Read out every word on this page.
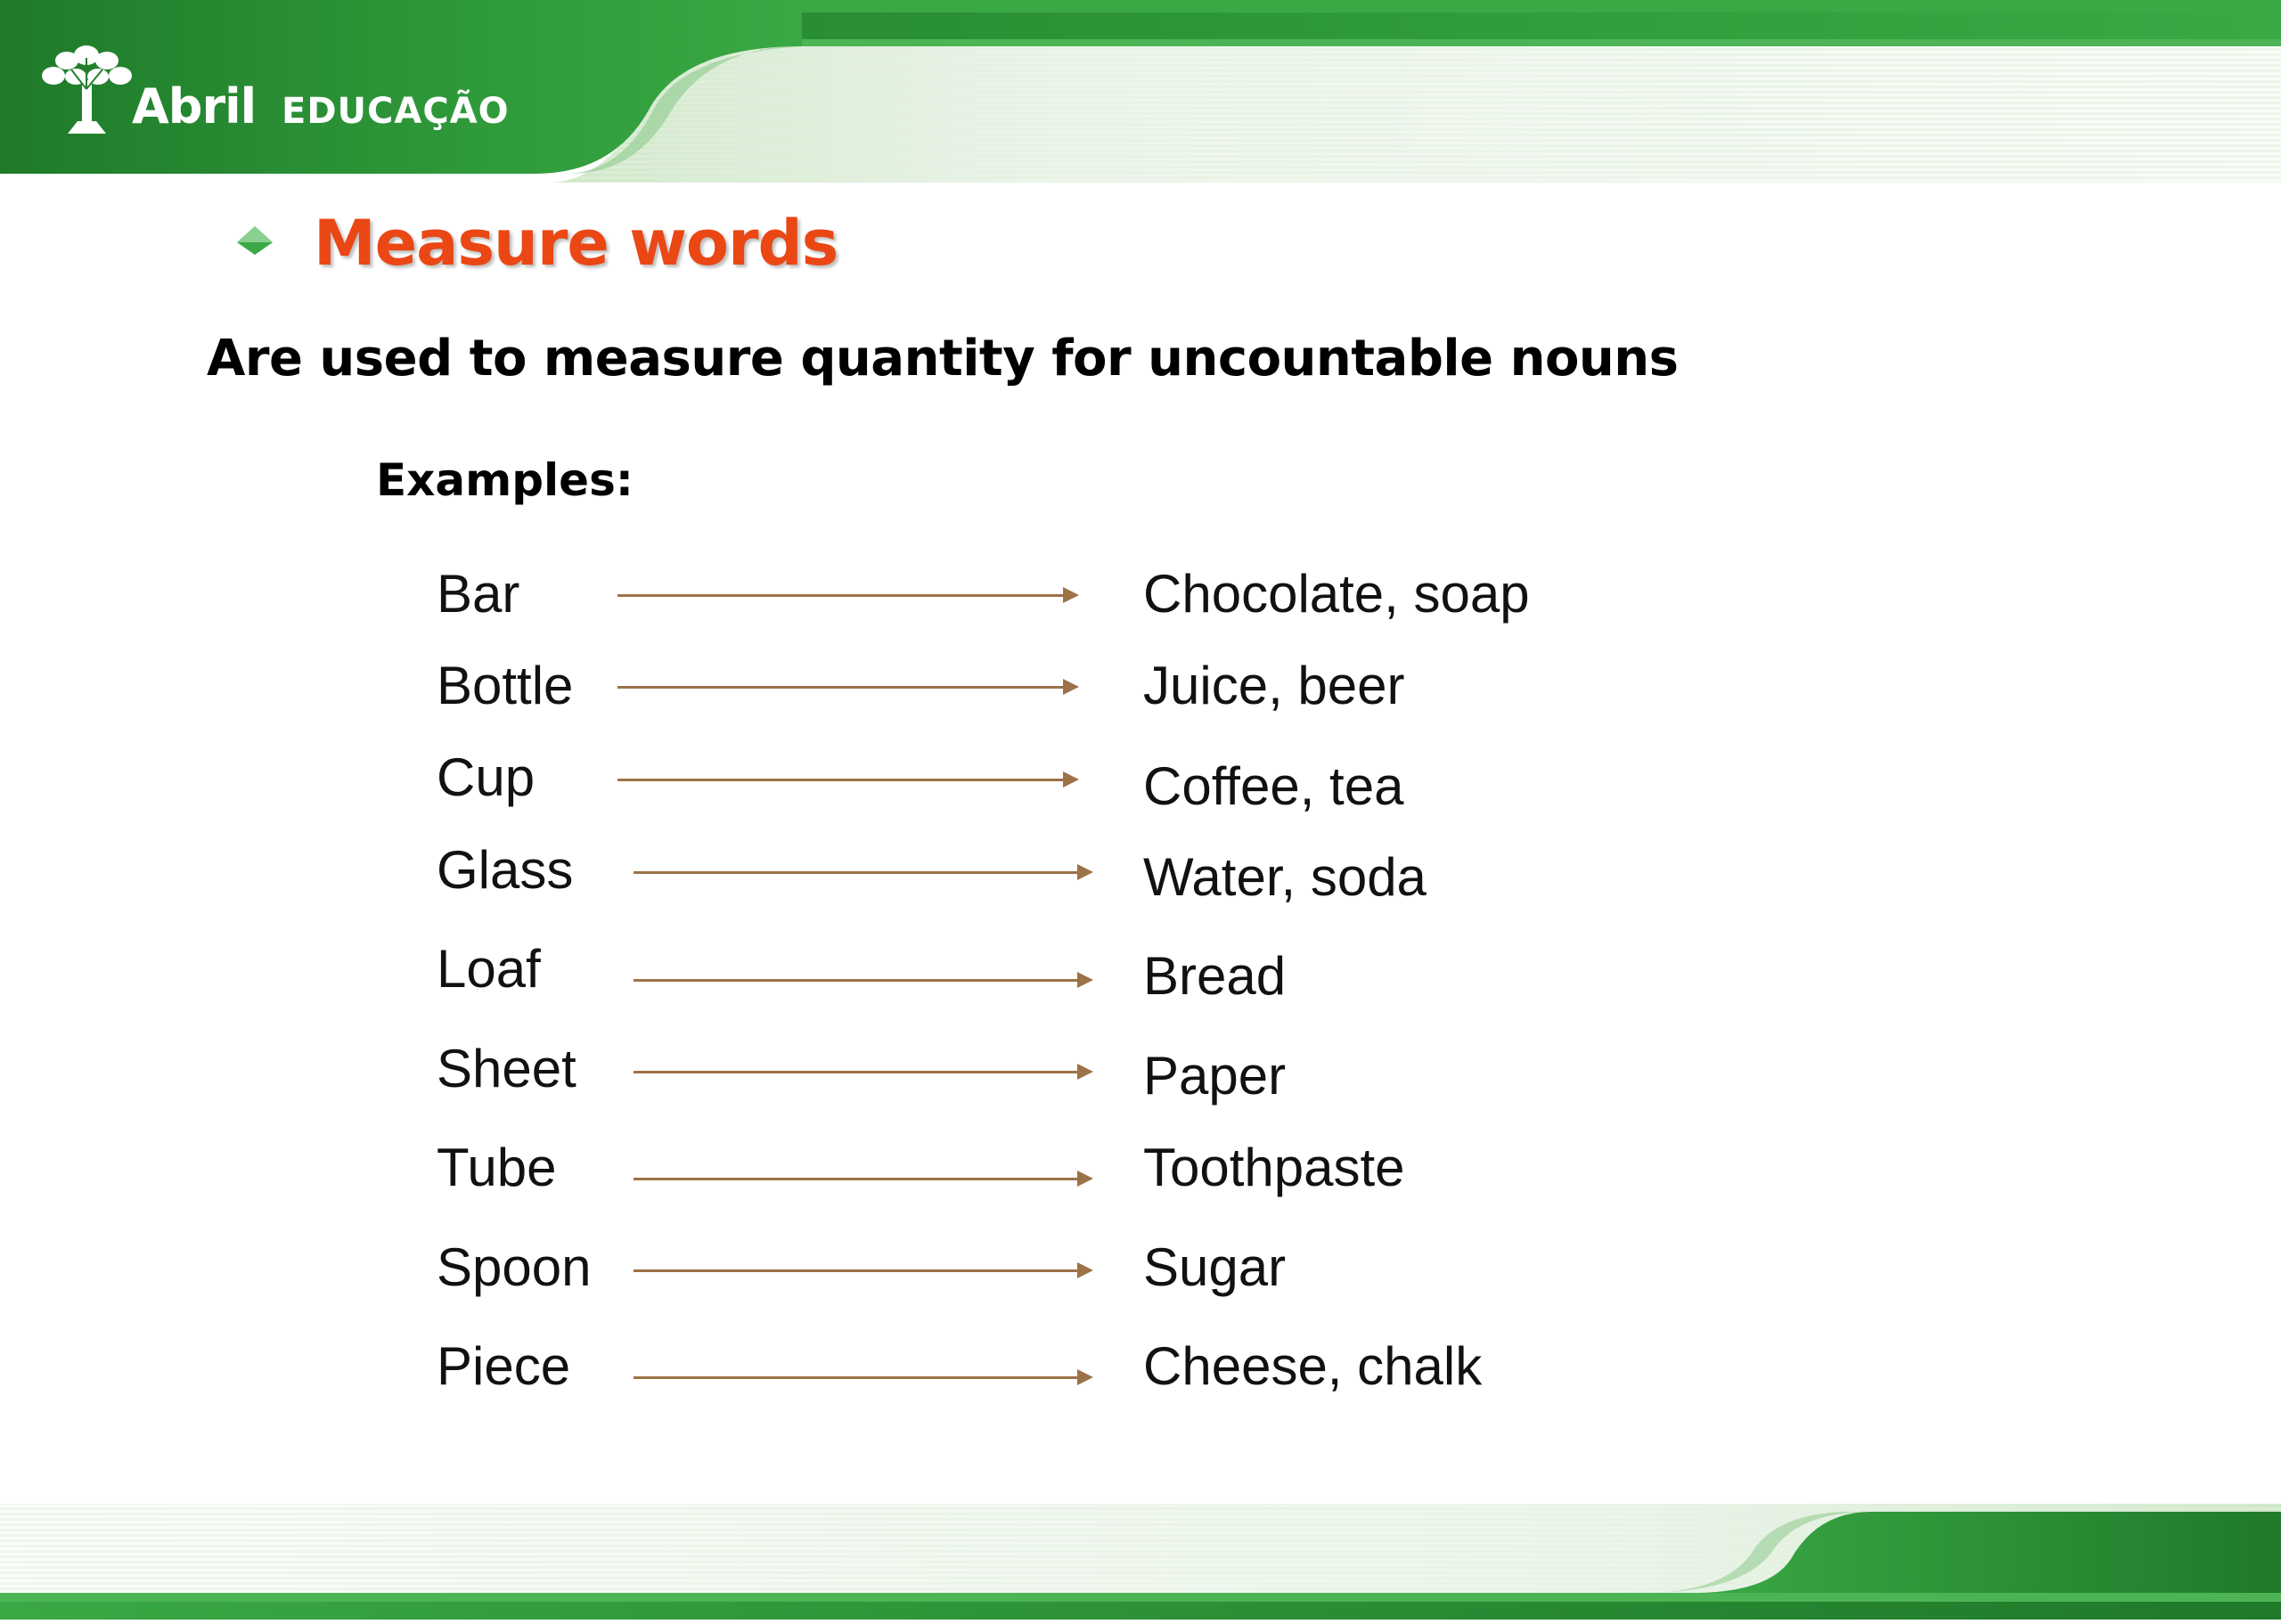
Abril EDUCAÇÃO
Measure words
Are used to measure quantity for uncountable nouns
Examples:
Bar	Chocolate, soap
Bottle	Juice, beer
Cup	Coffee, tea
Glass	Water, soda
Loaf	Bread
Sheet	Paper
Tube	Toothpaste
Spoon	Sugar
Piece	Cheese, chalk
